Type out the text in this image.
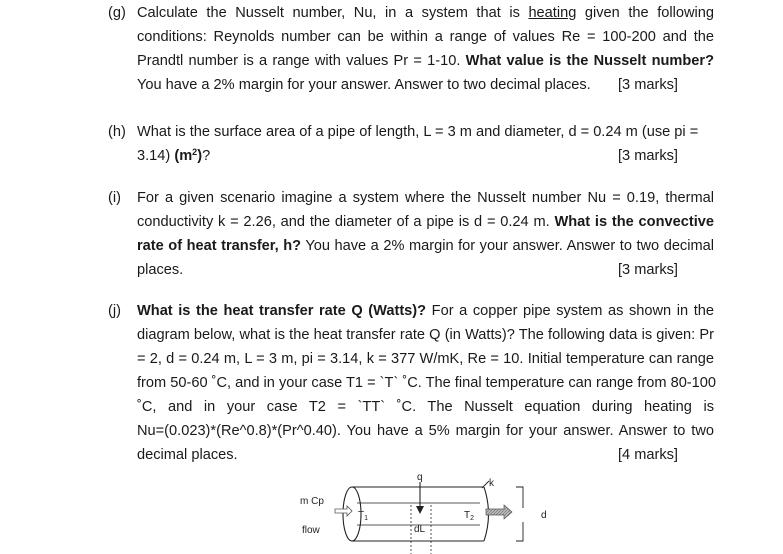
(g) Calculate the Nusselt number, Nu, in a system that is heating given the following
conditions: Reynolds number can be within a range of values Re = 100-200 and the
Prandtl number is a range with values Pr = 1-10. What value is the Nusselt number?
You have a 2% margin for your answer. Answer to two decimal places. [3 marks]
(h) What is the surface area of a pipe of length, L = 3 m and diameter, d = 0.24 m (use pi =
3.14) $(m^2)$?	[3 marks]
(i) For a given scenario imagine a system where the Nusselt number Nu = 0.19, thermal
conductivity k = 2.26, and the diameter of a pipe is d = 0.24 m. What is the convective
rate of heat transfer, h? You have a 2% margin for your answer. Answer to two decimal
places.	[3 marks]
(j) What is the heat transfer rate Q (Watts)? For a copper pipe system as shown in the
diagram below, what is the heat transfer rate Q (in Watts)? The following data is given: Pr
= 2, d = 0.24 m, L = 3 m, pi = 3.14, k = 377 W/mK, Re = 10. Initial temperature can range
from 50-60 ˚C, and in your case T1 = `T` ˚C. The final temperature can range from 80-100
˚C, and in your case T2 = `TT` ˚C. The Nusselt equation during heating is
Nu=(0.023)*(Re^0.8)*(Pr^0.40). You have a 5% margin for your answer. Answer to two
decimal places.	[4 marks]
q
k
m Cp
flow
$T_1$	$T_2$
dL
d
